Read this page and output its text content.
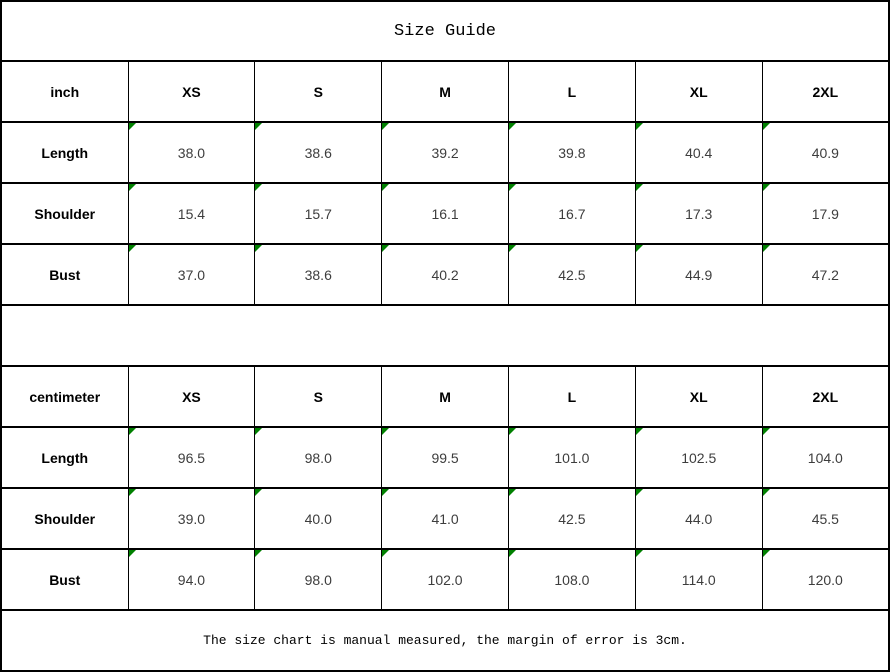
Size Guide						
inch	XS	S	M	L	XL	2XL
Length	38.0	38.6	39.2	39.8	40.4	40.9
Shoulder	15.4	15.7	16.1	16.7	17.3	17.9
Bust	37.0	38.6	40.2	42.5	44.9	47.2

centimeter	XS	S	M	L	XL	2XL
Length	96.5	98.0	99.5	101.0	102.5	104.0
Shoulder	39.0	40.0	41.0	42.5	44.0	45.5
Bust	94.0	98.0	102.0	108.0	114.0	120.0
The size chart is manual measured, the margin of error is 3cm.						
